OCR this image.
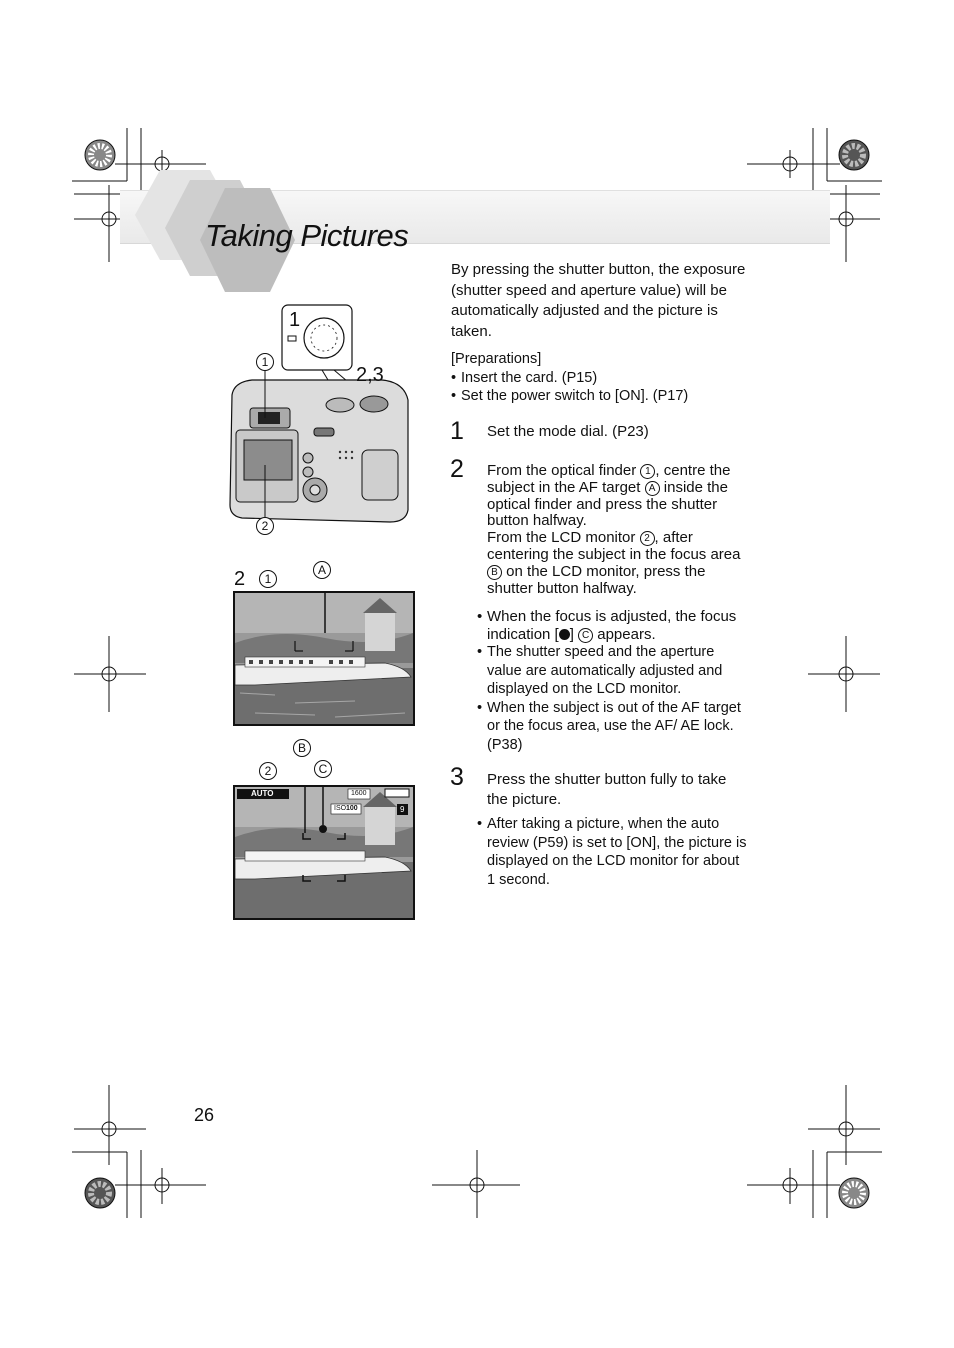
Taking Pictures
1
1
2,3
2
2	1
A
B
2	C
AUTO	1600
ISO 100	9
By pressing the shutter button, the exposure (shutter speed and aperture value) will be automatically adjusted and the picture is taken.
[Preparations]
• Insert the card. (P15)
• Set the power switch to [ON]. (P17)
1 Set the mode dial. (P23)
2 From the optical finder 1 , centre the subject in the AF target A inside the optical finder and press the shutter button halfway.
From the LCD monitor 2 , after centering the subject in the focus area B on the LCD monitor, press the shutter button halfway.
• When the focus is adjusted, the focus indication [ ] C appears.
• The shutter speed and the aperture value are automatically adjusted and displayed on the LCD monitor.
• When the subject is out of the AF target or the focus area, use the AF/ AE lock. (P38)
3 Press the shutter button fully to take the picture.
• After taking a picture, when the auto review (P59) is set to [ON], the picture is displayed on the LCD monitor for about 1 second.
26
